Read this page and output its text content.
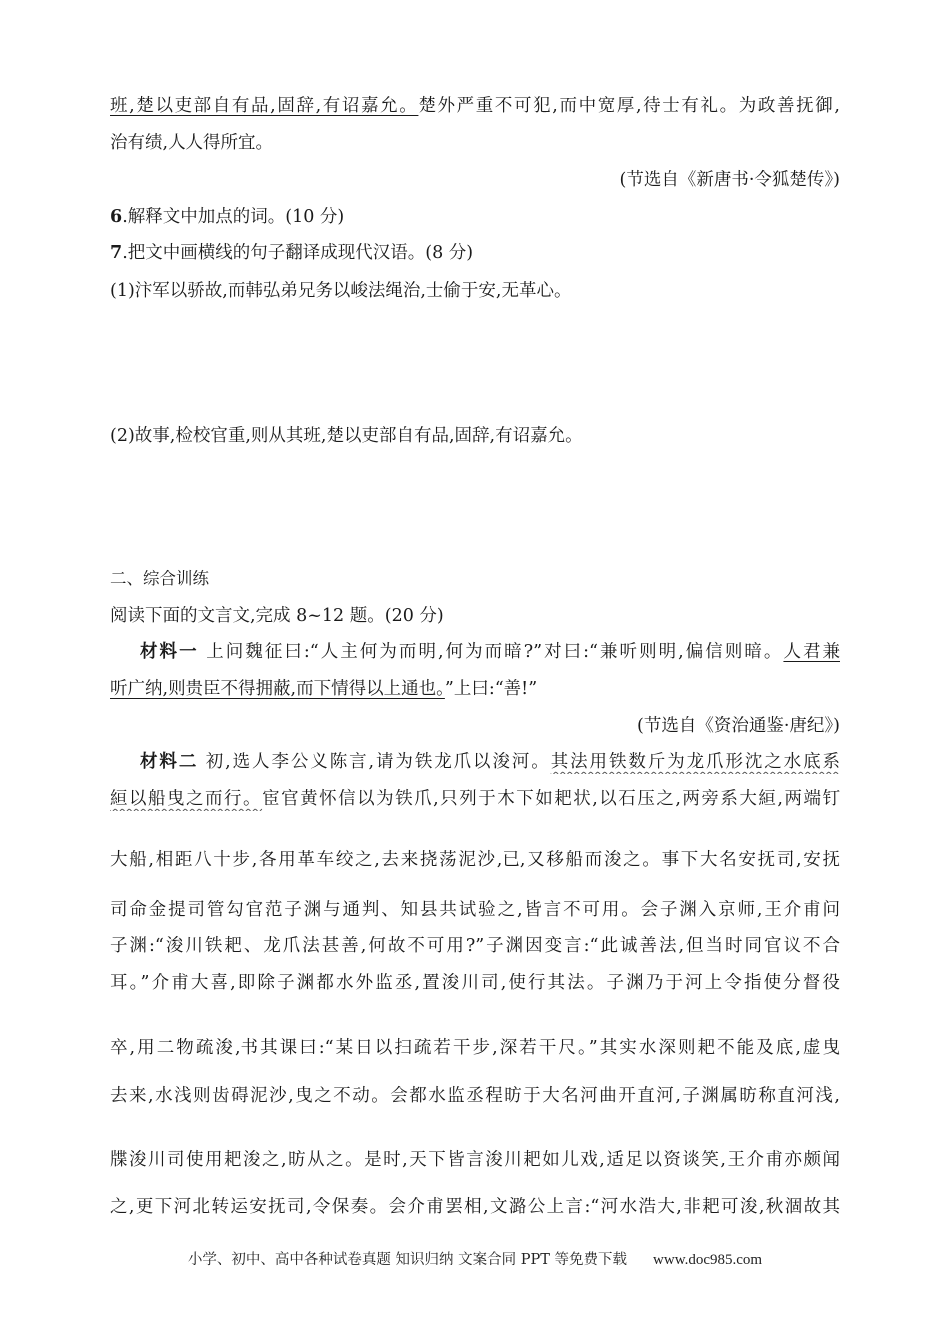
班,楚以吏部自有品,固辞,有诏嘉允。楚外严重不可犯,而中宽厚,待士有礼。为政善抚御,
治有绩,人人得所宜。
(节选自《新唐书·令狐楚传》)
6.解释文中加点的词。(10 分)
7.把文中画横线的句子翻译成现代汉语。(8 分)
(1)汴军以骄故,而韩弘弟兄务以峻法绳治,士偷于安,无革心。
(2)故事,检校官重,则从其班,楚以吏部自有品,固辞,有诏嘉允。
二、综合训练
阅读下面的文言文,完成 8~12 题。(20 分)
材料一 上问魏征曰:“人主何为而明,何为而暗?”对曰:“兼听则明,偏信则暗。人君兼
听广纳,则贵臣不得拥蔽,而下情得以上通也。”上曰:“善!”
(节选自《资治通鉴·唐纪》)
材料二 初,选人李公义陈言,请为铁龙爪以浚河。其法用铁数斤为龙爪形沈之水底系
絙以船曳之而行。宦官黄怀信以为铁爪,只列于木下如耙状,以石压之,两旁系大絙,两端钉
大船,相距八十步,各用革车绞之,去来挠荡泥沙,已,又移船而浚之。事下大名安抚司,安抚
司命金提司管勾官范子渊与通判、知县共试验之,皆言不可用。会子渊入京师,王介甫问
子渊:“浚川铁耙、龙爪法甚善,何故不可用?”子渊因变言:“此诚善法,但当时同官议不合
耳。”介甫大喜,即除子渊都水外监丞,置浚川司,使行其法。子渊乃于河上令指使分督役
卒,用二物疏浚,书其课曰:“某日以扫疏若干步,深若干尺。”其实水深则耙不能及底,虚曳
去来,水浅则齿碍泥沙,曳之不动。会都水监丞程昉于大名河曲开直河,子渊属昉称直河浅,
牒浚川司使用耙浚之,昉从之。是时,天下皆言浚川耙如儿戏,适足以资谈笑,王介甫亦颇闻
之,更下河北转运安抚司,令保奏。会介甫罢相,文潞公上言:“河水浩大,非耙可浚,秋涸故其
小学、初中、高中各种试卷真题 知识归纳 文案合同 PPT 等免费下载 www.doc985.com
